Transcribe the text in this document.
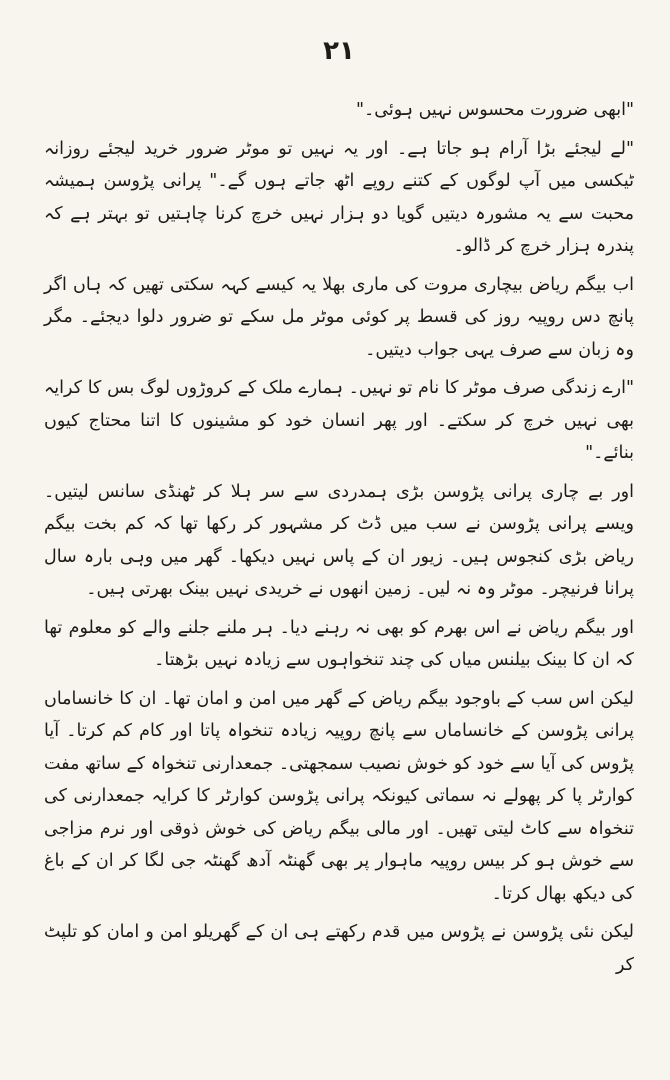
۲۱

"ابھی ضرورت محسوس نہیں ہوئی۔"

"لے لیجئے بڑا آرام ہو جاتا ہے۔ اور یہ نہیں تو موٹر ضرور خرید لیجئے روزانہ ٹیکسی میں آپ لوگوں کے کتنے روپے اٹھ جاتے ہوں گے۔" پرانی پڑوسن ہمیشہ محبت سے یہ مشورہ دیتیں گویا دو ہزار نہیں خرچ کرنا چاہتیں تو بہتر ہے کہ پندرہ ہزار خرچ کر ڈالو۔

اب بیگم ریاض بیچاری مروت کی ماری بھلا یہ کیسے کہہ سکتی تھیں کہ ہاں اگر پانچ دس روپیہ روز کی قسط پر کوئی موٹر مل سکے تو ضرور دلوا دیجئے۔ مگر وہ زبان سے صرف یہی جواب دیتیں۔

"ارے زندگی صرف موٹر کا نام تو نہیں۔ ہمارے ملک کے کروڑوں لوگ بس کا کرایہ بھی نہیں خرچ کر سکتے۔ اور پھر انسان خود کو مشینوں کا اتنا محتاج کیوں بنائے۔"

اور بے چاری پرانی پڑوسن بڑی ہمدردی سے سر ہلا کر ٹھنڈی سانس لیتیں۔ ویسے پرانی پڑوسن نے سب میں ڈٹ کر مشہور کر رکھا تھا کہ کم بخت بیگم ریاض بڑی کنجوس ہیں۔ زیور ان کے پاس نہیں دیکھا۔ گھر میں وہی بارہ سال پرانا فرنیچر۔ موٹر وہ نہ لیں۔ زمین انھوں نے خریدی نہیں بینک بھرتی ہیں۔

اور بیگم ریاض نے اس بھرم کو بھی نہ رہنے دیا۔ ہر ملنے جلنے والے کو معلوم تھا کہ ان کا بینک بیلنس میاں کی چند تنخواہوں سے زیادہ نہیں بڑھتا۔

لیکن اس سب کے باوجود بیگم ریاض کے گھر میں امن و امان تھا۔ ان کا خانساماں پرانی پڑوسن کے خانساماں سے پانچ روپیہ زیادہ تنخواہ پاتا اور کام کم کرتا۔ آیا پڑوس کی آیا سے خود کو خوش نصیب سمجھتی۔ جمعدارنی تنخواہ کے ساتھ مفت کوارٹر پا کر پھولے نہ سماتی کیونکہ پرانی پڑوسن کوارٹر کا کرایہ جمعدارنی کی تنخواہ سے کاٹ لیتی تھیں۔ اور مالی بیگم ریاض کی خوش ذوقی اور نرم مزاجی سے خوش ہو کر بیس روپیہ ماہوار پر بھی گھنٹہ آدھ گھنٹہ جی لگا کر ان کے باغ کی دیکھ بھال کرتا۔

لیکن نئی پڑوسن نے پڑوس میں قدم رکھتے ہی ان کے گھریلو امن و امان کو تلپٹ کر
